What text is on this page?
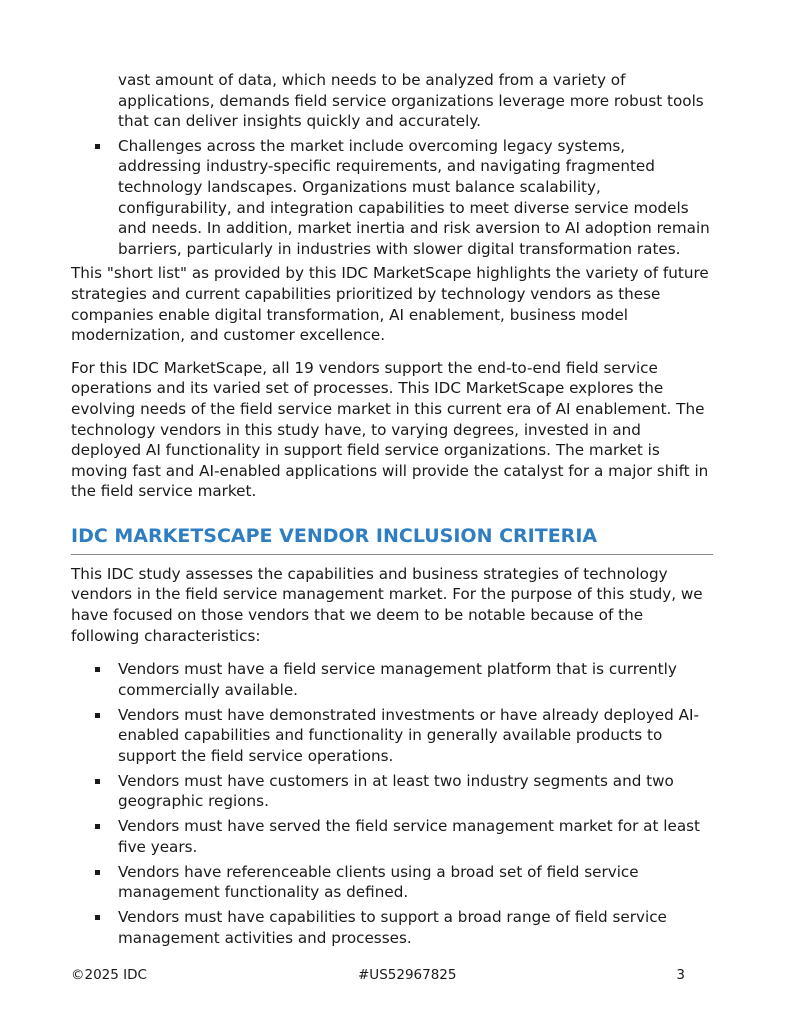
vast amount of data, which needs to be analyzed from a variety of applications, demands field service organizations leverage more robust tools that can deliver insights quickly and accurately.

Challenges across the market include overcoming legacy systems, addressing industry-specific requirements, and navigating fragmented technology landscapes. Organizations must balance scalability, configurability, and integration capabilities to meet diverse service models and needs. In addition, market inertia and risk aversion to AI adoption remain barriers, particularly in industries with slower digital transformation rates.

This "short list" as provided by this IDC MarketScape highlights the variety of future strategies and current capabilities prioritized by technology vendors as these companies enable digital transformation, AI enablement, business model modernization, and customer excellence.

For this IDC MarketScape, all 19 vendors support the end-to-end field service operations and its varied set of processes. This IDC MarketScape explores the evolving needs of the field service market in this current era of AI enablement. The technology vendors in this study have, to varying degrees, invested in and deployed AI functionality in support field service organizations. The market is moving fast and AI-enabled applications will provide the catalyst for a major shift in the field service market.

IDC MARKETSCAPE VENDOR INCLUSION CRITERIA

This IDC study assesses the capabilities and business strategies of technology vendors in the field service management market. For the purpose of this study, we have focused on those vendors that we deem to be notable because of the following characteristics:

Vendors must have a field service management platform that is currently commercially available.
Vendors must have demonstrated investments or have already deployed AI-enabled capabilities and functionality in generally available products to support the field service operations.
Vendors must have customers in at least two industry segments and two geographic regions.
Vendors must have served the field service management market for at least five years.
Vendors have referenceable clients using a broad set of field service management functionality as defined.
Vendors must have capabilities to support a broad range of field service management activities and processes.
©2025 IDC	#US52967825	3
